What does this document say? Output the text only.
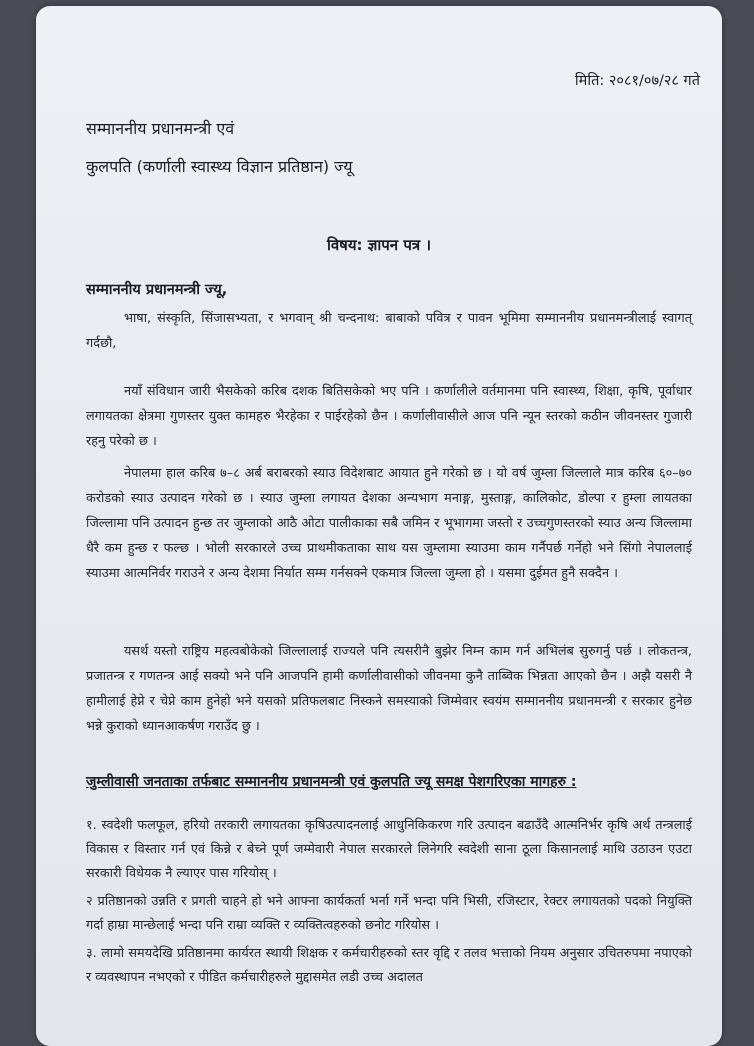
मिति: २०८१/०७/२८ गते
सम्माननीय प्रधानमन्त्री एवं
कुलपति (कर्णाली स्वास्थ्य विज्ञान प्रतिष्ठान) ज्यू
विषय: ज्ञापन पत्र ।
सम्माननीय प्रधानमन्त्री ज्यू,
भाषा, संस्कृति, सिंजासभ्यता, र भगवान् श्री चन्दनाथ: बाबाको पवित्र र पावन भूमिमा सम्माननीय प्रधानमन्त्रीलाई स्वागत् गर्दछौ,
नयाँ संविधान जारी भैसकेको करिब दशक बितिसकेको भए पनि । कर्णालीले वर्तमानमा पनि स्वास्थ्य, शिक्षा, कृषि, पूर्वाधार लगायतका क्षेत्रमा गुणस्तर युक्त कामहरु भैरहेका र पाईरहेको छैन । कर्णालीवासीले आज पनि न्यून स्तरको कठीन जीवनस्तर गुजारी रहनु परेको छ ।
नेपालमा हाल करिब ७–८ अर्ब बराबरको स्याउ विदेशबाट आयात हुने गरेको छ । यो वर्ष जुम्ला जिल्लाले मात्र करिब ६०–७० करोडको स्याउ उत्पादन गरेको छ । स्याउ जुम्ला लगायत देशका अन्यभाग मनाङ्ग, मुस्ताङ्ग, कालिकोट, डोल्पा र हुम्ला लायतका जिल्लामा पनि उत्पादन हुन्छ तर जुम्लाको आठै ओटा पालीकाका सबै जमिन र भूभागमा जस्तो र उच्चगुणस्तरको स्याउ अन्य जिल्लामा धैरै कम हुन्छ र फल्छ । भोली सरकारले उच्च प्राथमीकताका साथ यस जुम्लामा स्याउमा काम गर्नैपर्छ गर्नेहो भने सिंगो नेपाललाई स्याउमा आत्मनिर्वर गराउने र अन्य देशमा निर्यात सम्म गर्नसक्ने एकमात्र जिल्ला जुम्ला हो । यसमा दुईमत हुनै सक्दैन ।
यसर्थ यस्तो राष्ट्रिय महत्वबोकेको जिल्लालाई राज्यले पनि त्यसरीनै बुझेर निम्न काम गर्न अभिलंब सुरुगर्नु पर्छ । लोकतन्त्र, प्रजातन्त्र र गणतन्त्र आई सक्यो भने पनि आजपनि हामी कर्णालीवासीको जीवनमा कुनै ताब्विक भिन्नता आएको छैन । अझै यसरी नै हामीलाई हेप्ने र चेप्ने काम हुनेहो भने यसको प्रतिफलबाट निस्कने समस्याको जिम्मेवार स्वयंम सम्माननीय प्रधानमन्त्री र सरकार हुनेछ भन्ने कुराको ध्यानआकर्षण गराउँद छु ।
जुम्लीवासी जनताका तर्फबाट सम्माननीय प्रधानमन्त्री एवं कुलपति ज्यू समक्ष पेशगरिएका मागहरु :
१. स्वदेशी फलफूल, हरियो तरकारी लगायतका कृषिउत्पादनलाई आधुनिकिकरण गरि उत्पादन बढाउँदै आत्मनिर्भर कृषि अर्थ तन्त्रलाई विकास र विस्तार गर्न एवं किन्ने र बेच्ने पूर्ण जम्मेवारी नेपाल सरकारले लिनेगरि स्वदेशी साना ठूला किसानलाई माथि उठाउन एउटा सरकारी विधेयक नै ल्याएर पास गरियोस् ।
२ प्रतिष्ठानको उन्नति र प्रगती चाहने हो भने आफ्ना कार्यकर्ता भर्ना गर्ने भन्दा पनि भिसी, रजिस्टार, रेक्टर लगायतको पदको नियुक्ति गर्दा हाम्रा मान्छेलाई भन्दा पनि राम्रा व्यक्ति र व्यक्तित्वहरुको छनोट गरियोस ।
३. लामो समयदेखि प्रतिष्ठानमा कार्यरत स्थायी शिक्षक र कर्मचारीहरुको स्तर वृद्दि र तलव भत्ताको नियम अनुसार उचितरुपमा नपाएको र व्यवस्थापन नभएको र पीडित कर्मचारीहरुले मुद्दासमेत लडी उच्च अदालत
